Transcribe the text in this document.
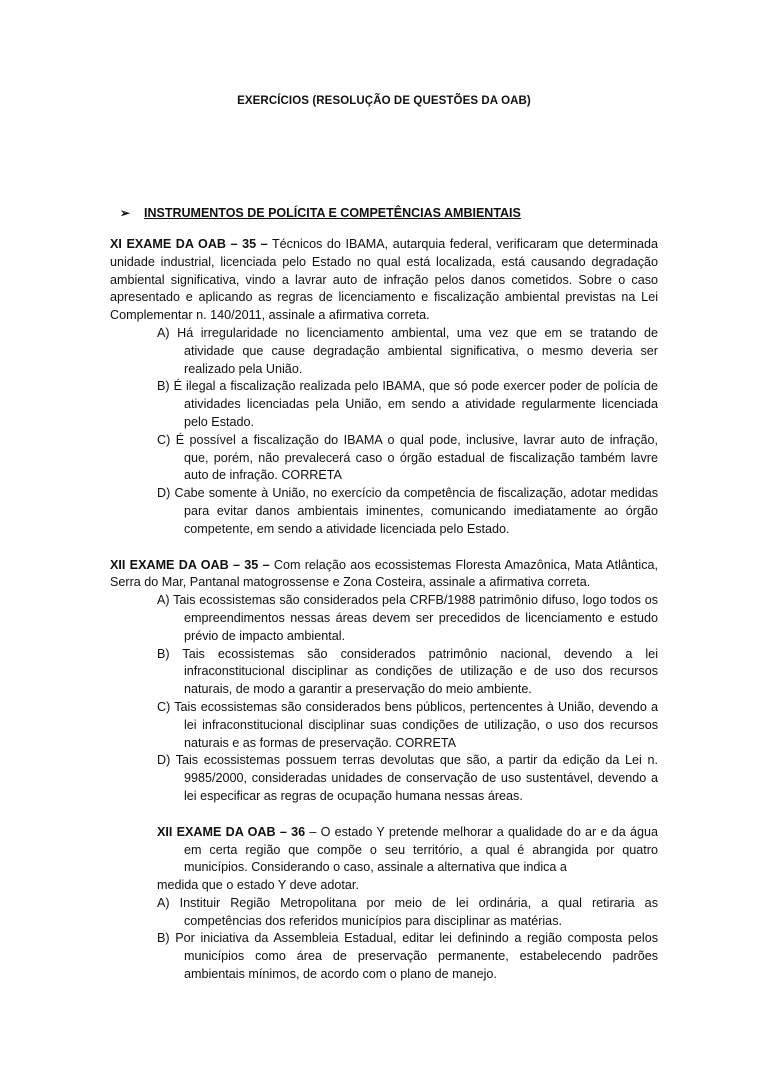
EXERCÍCIOS (RESOLUÇÃO DE QUESTÕES DA OAB)
➢ INSTRUMENTOS DE POLÍCITA E COMPETÊNCIAS AMBIENTAIS

XI EXAME DA OAB – 35 – Técnicos do IBAMA, autarquia federal, verificaram que determinada unidade industrial, licenciada pelo Estado no qual está localizada, está causando degradação ambiental significativa, vindo a lavrar auto de infração pelos danos cometidos. Sobre o caso apresentado e aplicando as regras de licenciamento e fiscalização ambiental previstas na Lei Complementar n. 140/2011, assinale a afirmativa correta.

A) Há irregularidade no licenciamento ambiental, uma vez que em se tratando de atividade que cause degradação ambiental significativa, o mesmo deveria ser realizado pela União.

B) É ilegal a fiscalização realizada pelo IBAMA, que só pode exercer poder de polícia de atividades licenciadas pela União, em sendo a atividade regularmente licenciada pelo Estado.

C) É possível a fiscalização do IBAMA o qual pode, inclusive, lavrar auto de infração, que, porém, não prevalecerá caso o órgão estadual de fiscalização também lavre auto de infração. CORRETA

D) Cabe somente à União, no exercício da competência de fiscalização, adotar medidas para evitar danos ambientais iminentes, comunicando imediatamente ao órgão competente, em sendo a atividade licenciada pelo Estado.

XII EXAME DA OAB – 35 – Com relação aos ecossistemas Floresta Amazônica, Mata Atlântica, Serra do Mar, Pantanal matogrossense e Zona Costeira, assinale a afirmativa correta.

A) Tais ecossistemas são considerados pela CRFB/1988 patrimônio difuso, logo todos os empreendimentos nessas áreas devem ser precedidos de licenciamento e estudo prévio de impacto ambiental.

B) Tais ecossistemas são considerados patrimônio nacional, devendo a lei infraconstitucional disciplinar as condições de utilização e de uso dos recursos naturais, de modo a garantir a preservação do meio ambiente.

C) Tais ecossistemas são considerados bens públicos, pertencentes à União, devendo a lei infraconstitucional disciplinar suas condições de utilização, o uso dos recursos naturais e as formas de preservação. CORRETA

D) Tais ecossistemas possuem terras devolutas que são, a partir da edição da Lei n. 9985/2000, consideradas unidades de conservação de uso sustentável, devendo a lei especificar as regras de ocupação humana nessas áreas.

XII EXAME DA OAB – 36 – O estado Y pretende melhorar a qualidade do ar e da água em certa região que compõe o seu território, a qual é abrangida por quatro municípios. Considerando o caso, assinale a alternativa que indica a

medida que o estado Y deve adotar.

A) Instituir Região Metropolitana por meio de lei ordinária, a qual retiraria as competências dos referidos municípios para disciplinar as matérias.

B) Por iniciativa da Assembleia Estadual, editar lei definindo a região composta pelos municípios como área de preservação permanente, estabelecendo padrões ambientais mínimos, de acordo com o plano de manejo.
